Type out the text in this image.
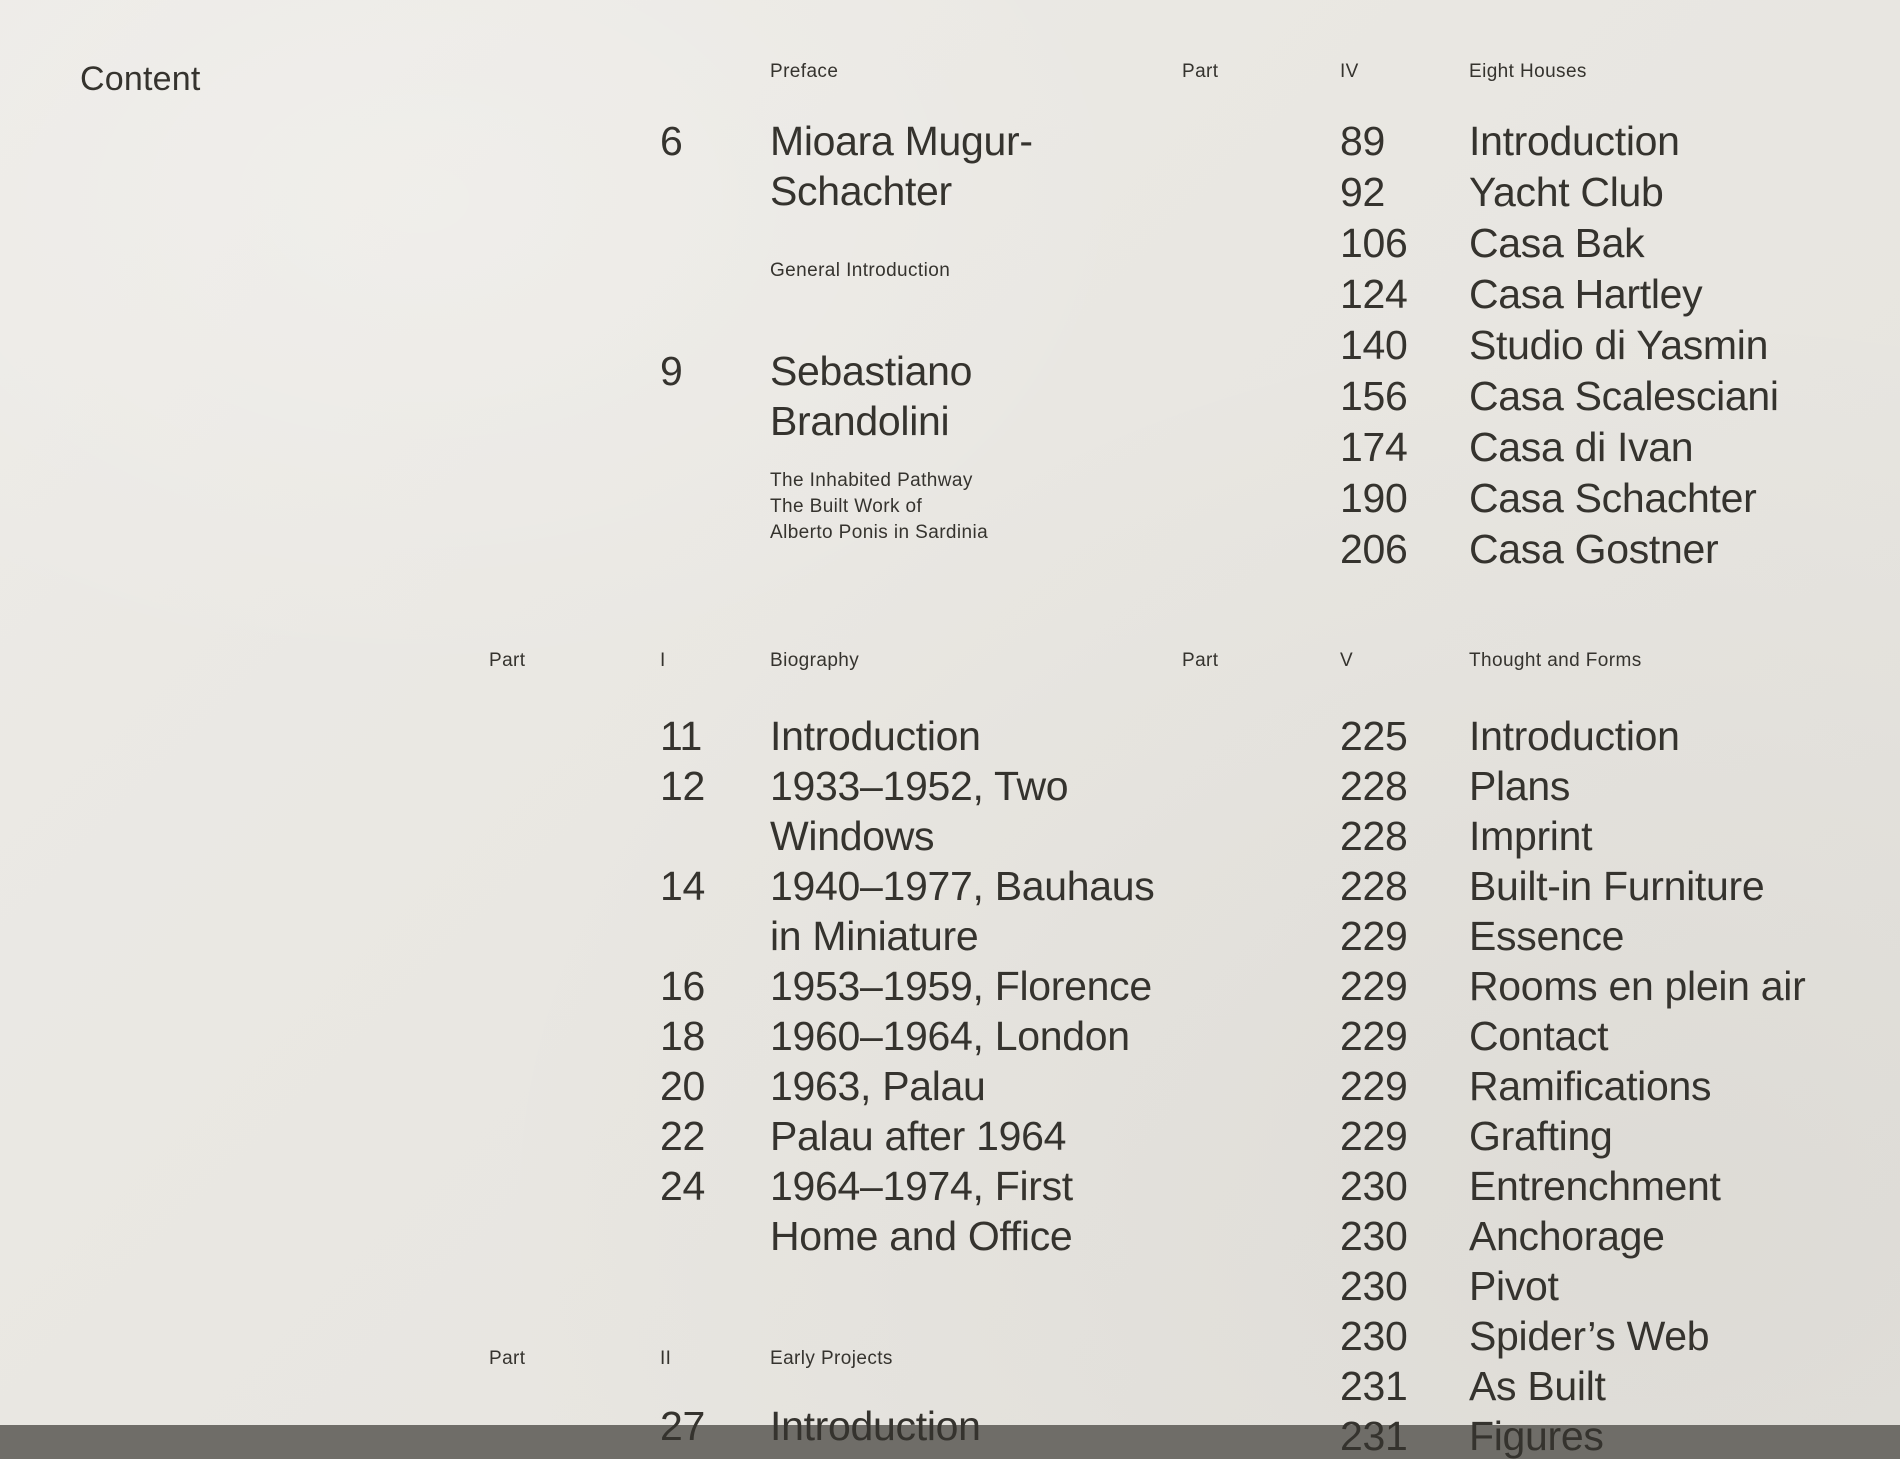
Content	Preface
6 Mioara Mugur-
Schachter
General Introduction
9 Sebastiano
Brandolini
The Inhabited Pathway
The Built Work of
Alberto Ponis in Sardinia
Part	I	Biography
11 Introduction
12 1933–1952, Two
Windows
14 1940–1977, Bauhaus
in Miniature
16 1953–1959, Florence
18 1960–1964, London
20 1963, Palau
22 Palau after 1964
24 1964–1974, First
Home and Office
Part	II	Early Projects
27 Introduction
Part	IV	Eight Houses
89 Introduction
92 Yacht Club
106 Casa Bak
124 Casa Hartley
140 Studio di Yasmin
156 Casa Scalesciani
174 Casa di Ivan
190 Casa Schachter
206 Casa Gostner
Part	V	Thought and Forms
225 Introduction
228 Plans
228 Imprint
228 Built-in Furniture
229 Essence
229 Rooms en plein air
229 Contact
229 Ramifications
229 Grafting
230 Entrenchment
230 Anchorage
230 Pivot
230 Spider’s Web
231 As Built
231 Figures
